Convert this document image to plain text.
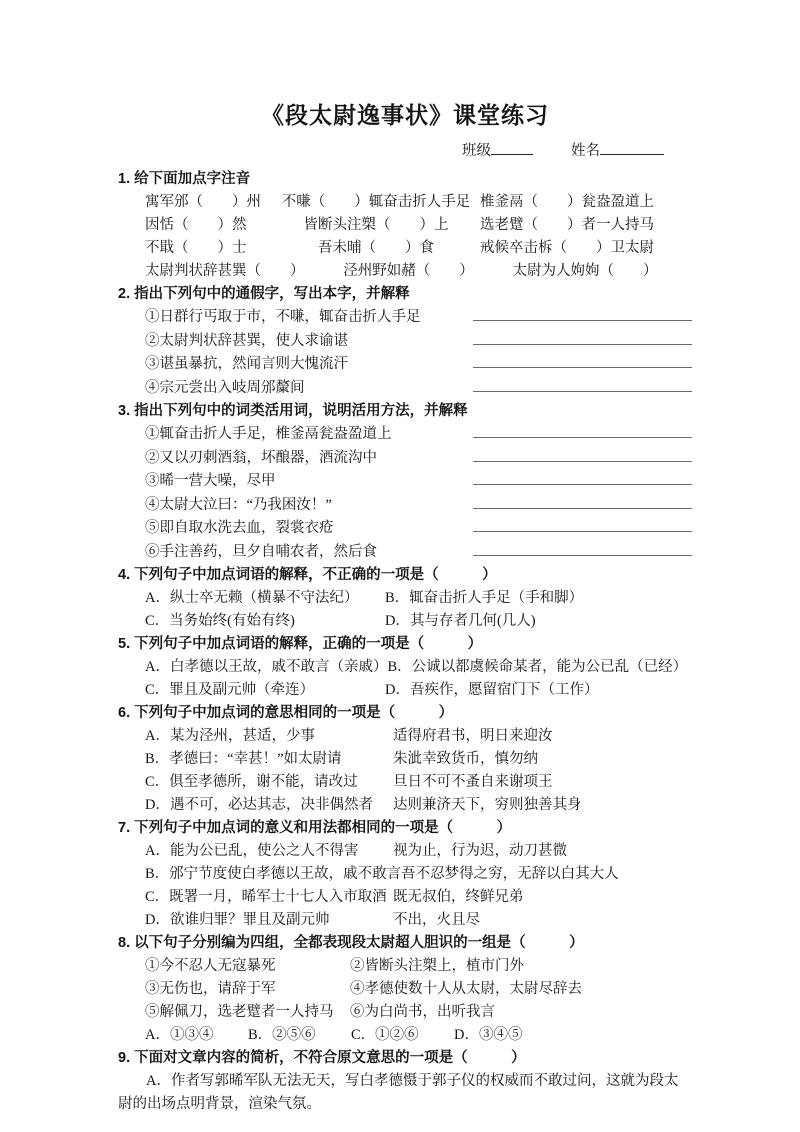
《段太尉逸事状》课堂练习
班级	姓名
1. 给下面加点字注音
寓军邠（　　）州	不嗛（　　）辄奋击折人手足 椎釜鬲（　　）瓮盎盈道上
因恬（　　）然	皆断头注槊（　　）上	选老躄（　　）者一人持马
不戢（　　）士	吾未晡（　　）食	戒候卒击柝（　　）卫太尉
太尉判状辞甚巽（　　）	泾州野如赭（　　）	太尉为人姁姁（　　）
2. 指出下列句中的通假字，写出本字，并解释
①日群行丐取于市，不嗛，辄奋击折人手足
②太尉判状辞甚巽，使人求谕谌
③谌虽暴抗，然闻言则大愧流汗
④宗元尝出入岐周邠斄间
3. 指出下列句中的词类活用词，说明活用方法，并解释
①辄奋击折人手足，椎釜鬲瓮盎盈道上
②又以刃刺酒翁，坏酿器，酒流沟中
③晞一营大噪，尽甲
④太尉大泣曰：“乃我困汝！”
⑤即自取水洗去血，裂裳衣疮
⑥手注善药，旦夕自哺农者，然后食
4. 下列句子中加点词语的解释，不正确的一项是（　　　）
A．纵士卒无赖（横暴不守法纪）	B．辄奋击折人手足（手和脚）
C．当务始终(有始有终)	D．其与存者几何(几人)
5. 下列句子中加点词语的解释，正确的一项是（　　　）
A．白孝德以王故，戚不敢言（亲戚） B．公诚以都虞候命某者，能为公已乱（已经）
C．罪且及副元帅（牵连）	D．吾疾作，愿留宿门下（工作）
6. 下列句子中加点词的意思相同的一项是（　　　）
A．某为泾州，甚适，少事	适得府君书，明日来迎汝
B．孝德曰：“幸甚！”如太尉请	朱泚幸致货币，慎勿纳
C．俱至孝德所，谢不能，请改过	旦日不可不蚤自来谢项王
D．遇不可，必达其志，决非偶然者	达则兼济天下，穷则独善其身
7. 下列句子中加点词的意义和用法都相同的一项是（　　　）
A．能为公已乱，使公之人不得害	视为止，行为迟，动刀甚微
B．邠宁节度使白孝德以王故，戚不敢言 吾不忍梦得之穷，无辞以白其大人
C．既署一月，晞军士十七人入市取酒 既无叔伯，终鲜兄弟
D．欲谁归罪？罪且及副元帅	不出，火且尽
8. 以下句子分别编为四组，全都表现段太尉超人胆识的一组是（　　　）
①今不忍人无寇暴死	②皆断头注槊上，植市门外
③无伤也，请辞于军	④孝德使数十人从太尉，太尉尽辞去
⑤解佩刀，选老躄者一人持马	⑥为白尚书，出听我言
A．①③④	B．②⑤⑥	C．①②⑥	D．③④⑤
9. 下面对文章内容的简析，不符合原文意思的一项是（　　　）

A．作者写郭晞军队无法无天，写白孝德慑于郭子仪的权威而不敢过问，这就为段太尉的出场点明背景，渲染气氛。
